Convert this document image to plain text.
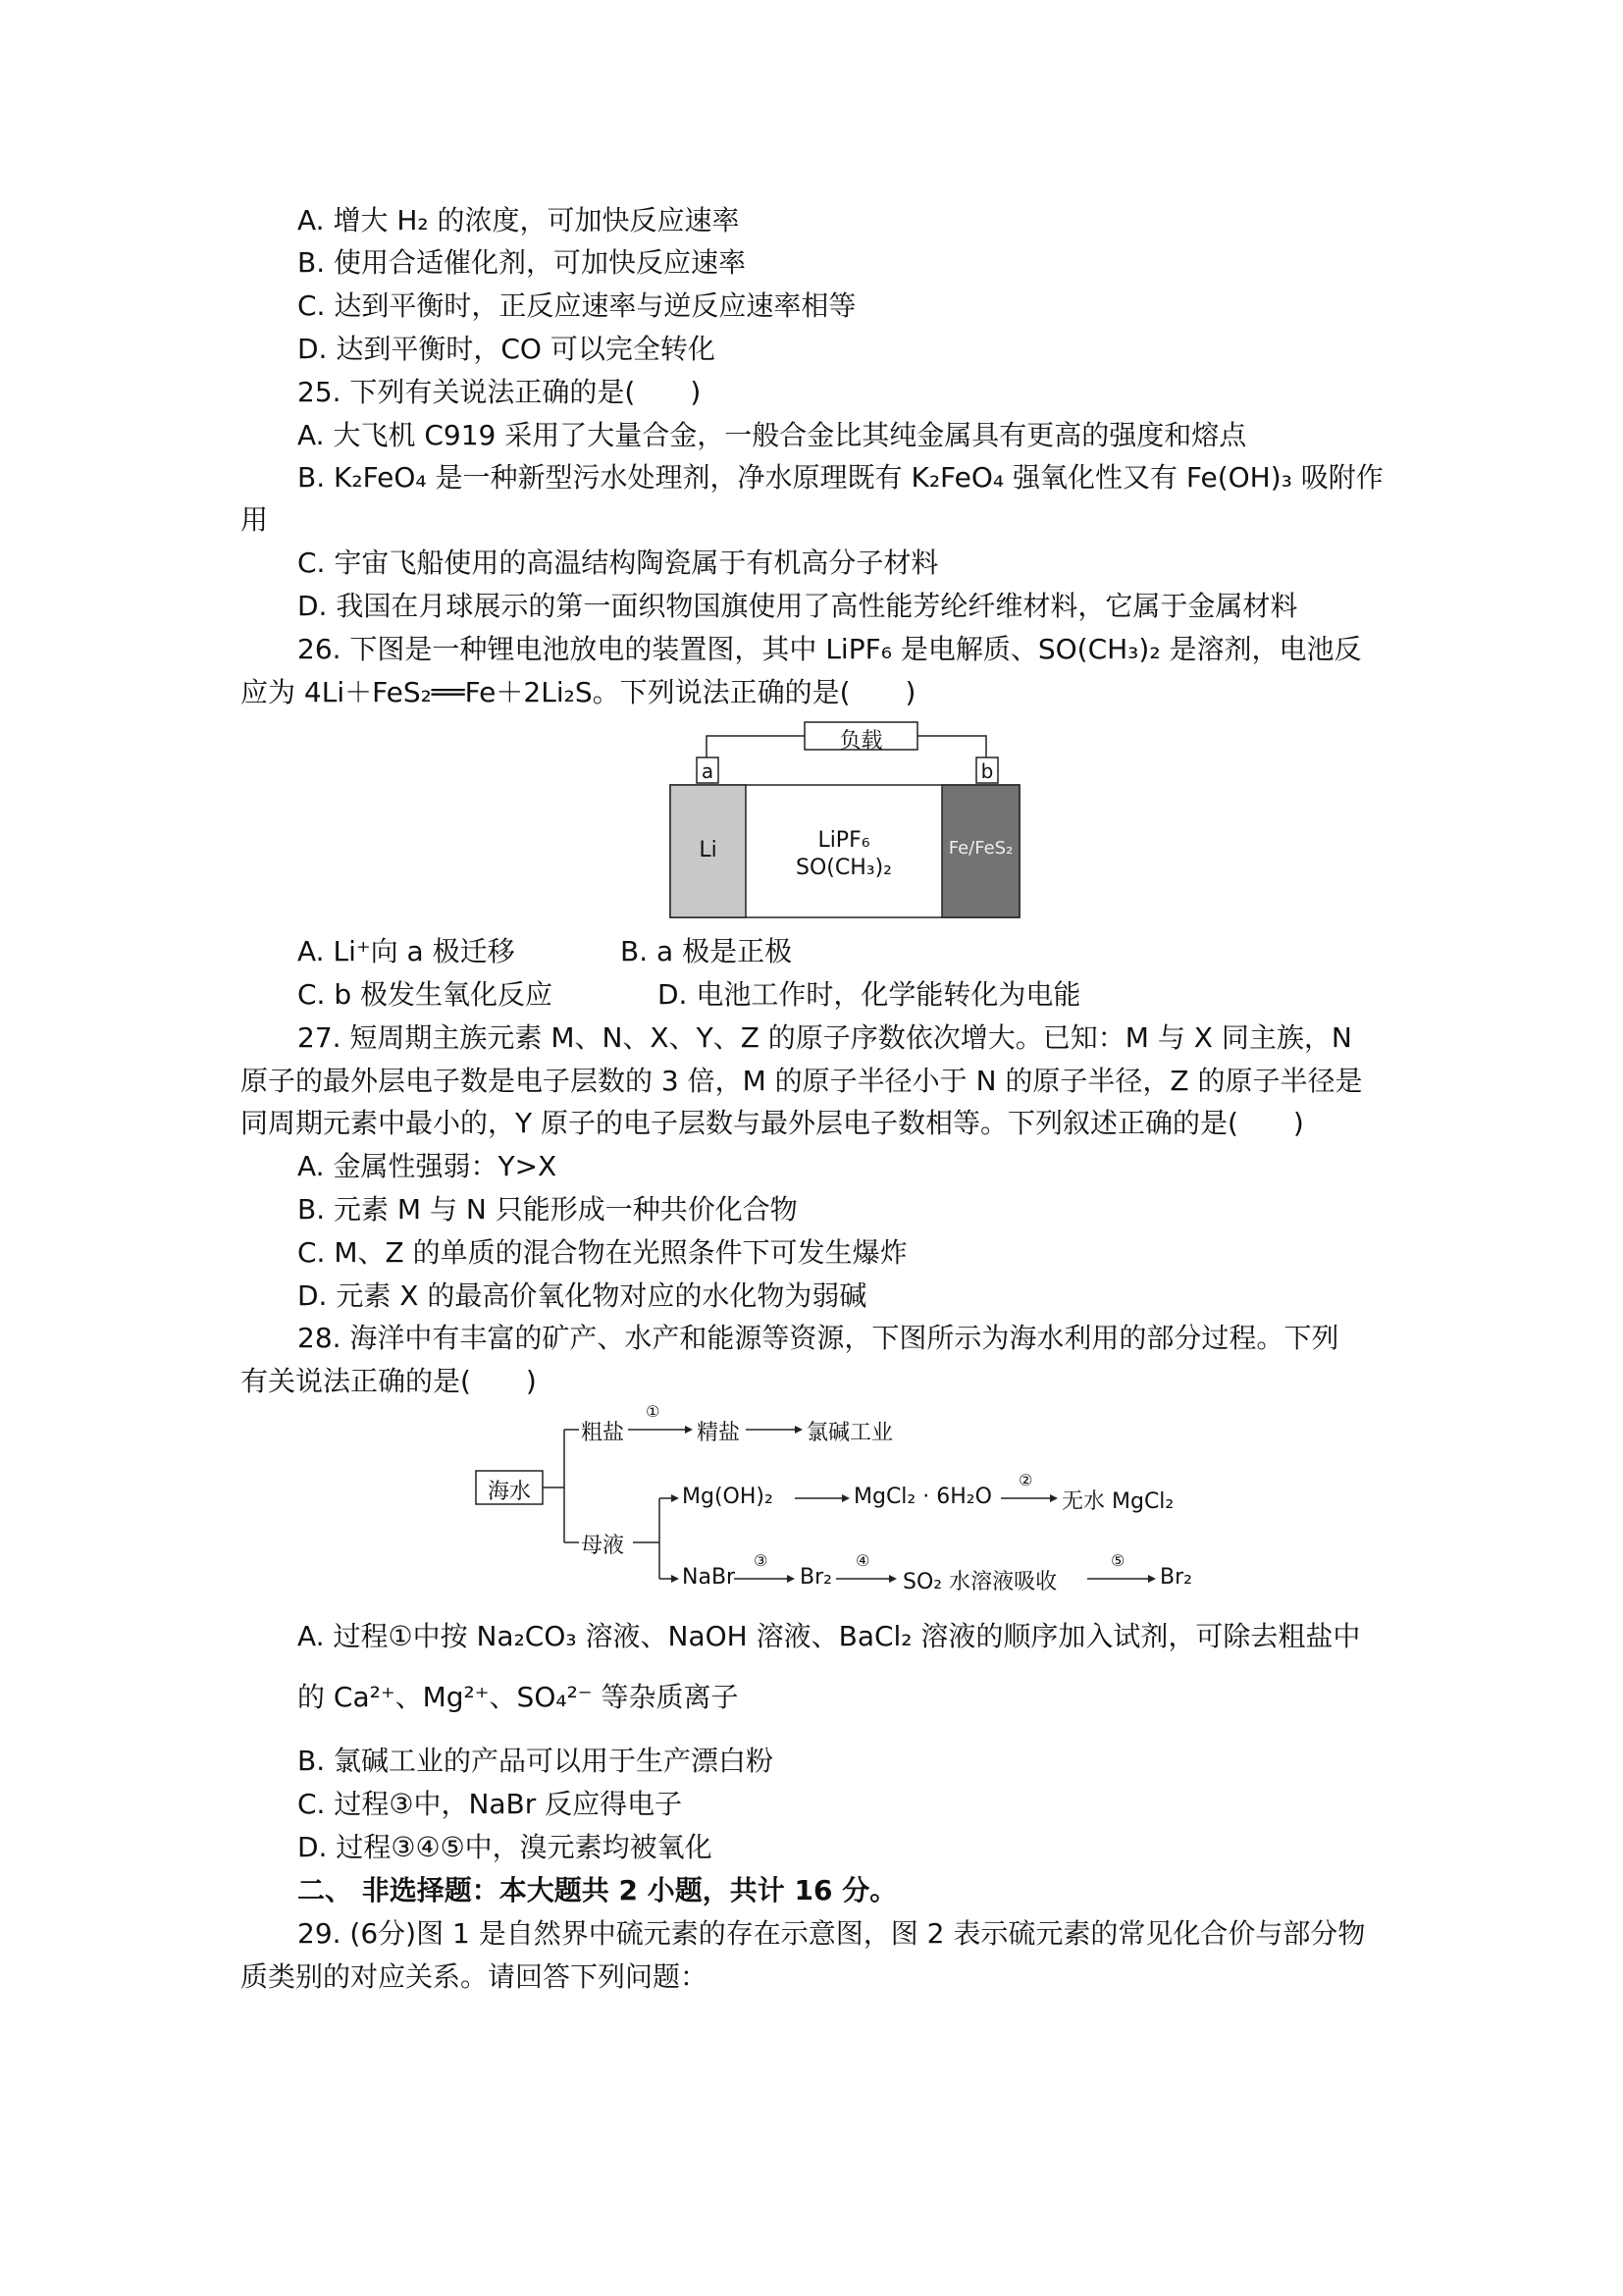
A. 增大 H₂ 的浓度，可加快反应速率
B. 使用合适催化剂，可加快反应速率
C. 达到平衡时，正反应速率与逆反应速率相等
D. 达到平衡时，CO 可以完全转化
25. 下列有关说法正确的是(　　)
A. 大飞机 C919 采用了大量合金，一般合金比其纯金属具有更高的强度和熔点
B. K₂FeO₄ 是一种新型污水处理剂，净水原理既有 K₂FeO₄ 强氧化性又有 Fe(OH)₃ 吸附作
用
C. 宇宙飞船使用的高温结构陶瓷属于有机高分子材料
D. 我国在月球展示的第一面织物国旗使用了高性能芳纶纤维材料，它属于金属材料
26. 下图是一种锂电池放电的装置图，其中 LiPF₆ 是电解质、SO(CH₃)₂ 是溶剂，电池反
应为 4Li＋FeS₂══Fe＋2Li₂S。下列说法正确的是(　　)
负载
a	b
Li	LiPF₆
SO(CH₃)₂
Fe/FeS₂
A. Li⁺向 a 极迁移	B. a 极是正极
C. b 极发生氧化反应	D. 电池工作时，化学能转化为电能
27. 短周期主族元素 M、N、X、Y、Z 的原子序数依次增大。已知：M 与 X 同主族，N
原子的最外层电子数是电子层数的 3 倍，M 的原子半径小于 N 的原子半径，Z 的原子半径是
同周期元素中最小的，Y 原子的电子层数与最外层电子数相等。下列叙述正确的是(　　)
A. 金属性强弱：Y>X
B. 元素 M 与 N 只能形成一种共价化合物
C. M、Z 的单质的混合物在光照条件下可发生爆炸
D. 元素 X 的最高价氧化物对应的水化物为弱碱
28. 海洋中有丰富的矿产、水产和能源等资源，下图所示为海水利用的部分过程。下列
有关说法正确的是(　　)
海水
粗盐
①
精盐	氯碱工业
母液
Mg(OH)₂	MgCl₂ · 6H₂O
②
无水 MgCl₂
NaBr
③
Br₂
④
SO₂ 水溶液吸收
⑤
Br₂
A. 过程①中按 Na₂CO₃ 溶液、NaOH 溶液、BaCl₂ 溶液的顺序加入试剂，可除去粗盐中
的 Ca²⁺、Mg²⁺、SO₄²⁻ 等杂质离子
B. 氯碱工业的产品可以用于生产漂白粉
C. 过程③中，NaBr 反应得电子
D. 过程③④⑤中，溴元素均被氧化
二、 非选择题：本大题共 2 小题，共计 16 分。
29. (6分)图 1 是自然界中硫元素的存在示意图，图 2 表示硫元素的常见化合价与部分物
质类别的对应关系。请回答下列问题：
